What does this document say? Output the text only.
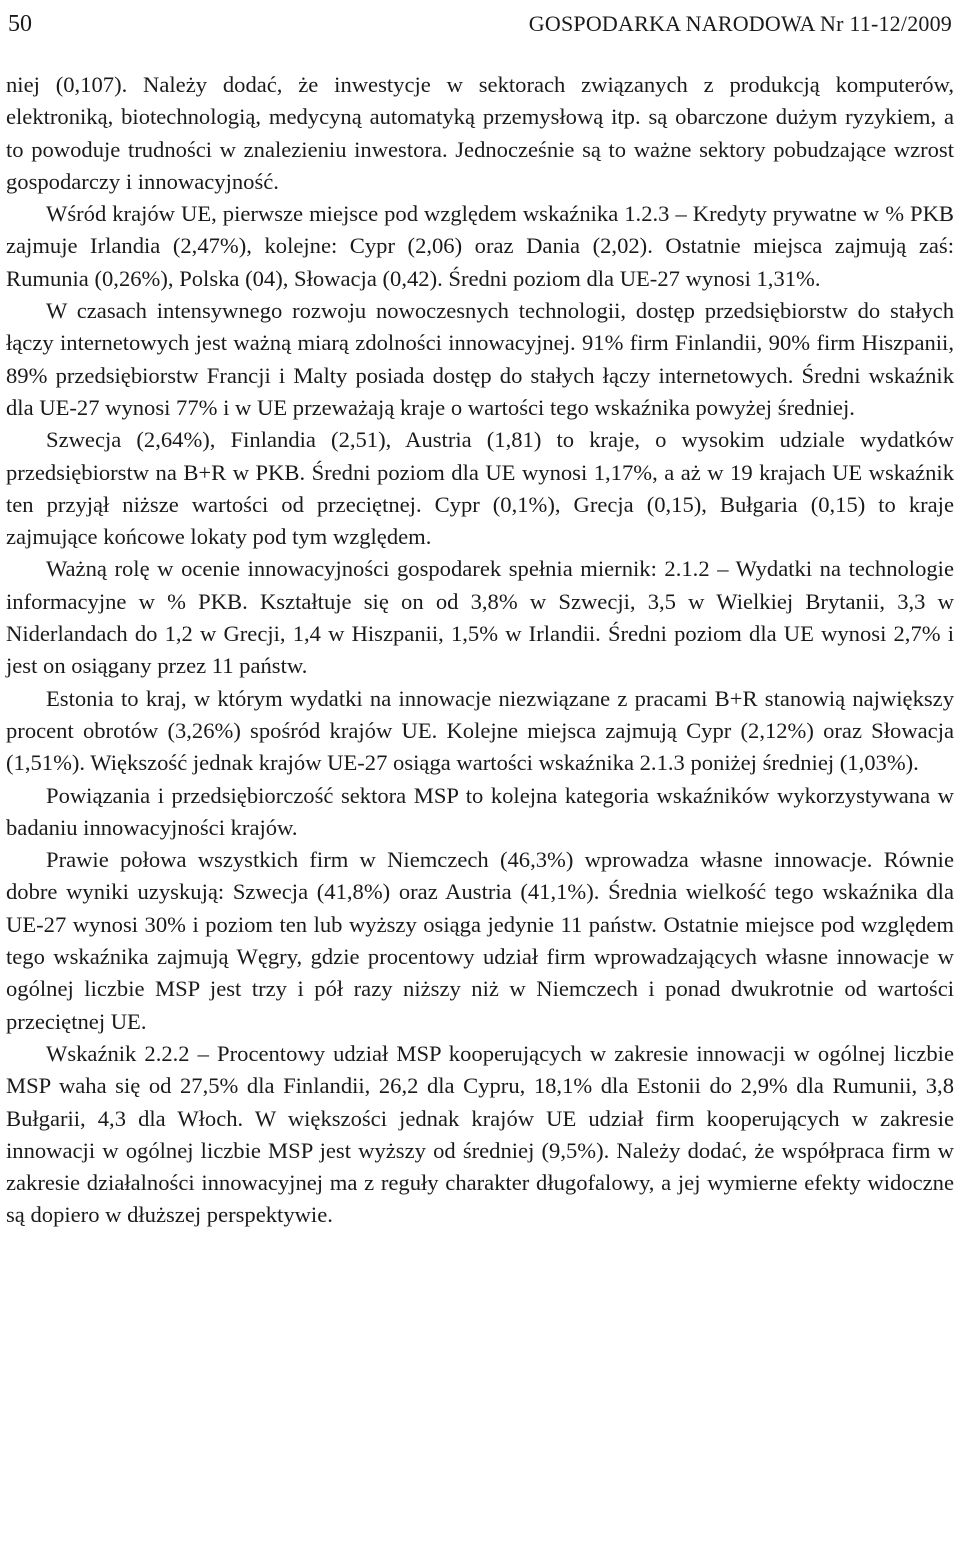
50	GOSPODARKA NARODOWA Nr 11-12/2009

niej (0,107). Należy dodać, że inwestycje w sektorach związanych z produkcją komputerów, elektroniką, biotechnologią, medycyną automatyką przemysłową itp. są obarczone dużym ryzykiem, a to powoduje trudności w znalezieniu inwestora. Jednocześnie są to ważne sektory pobudzające wzrost gospodarczy i innowacyjność.

Wśród krajów UE, pierwsze miejsce pod względem wskaźnika 1.2.3 – Kredyty prywatne w % PKB zajmuje Irlandia (2,47%), kolejne: Cypr (2,06) oraz Dania (2,02). Ostatnie miejsca zajmują zaś: Rumunia (0,26%), Polska (04), Słowacja (0,42). Średni poziom dla UE-27 wynosi 1,31%.

W czasach intensywnego rozwoju nowoczesnych technologii, dostęp przedsiębiorstw do stałych łączy internetowych jest ważną miarą zdolności innowacyjnej. 91% firm Finlandii, 90% firm Hiszpanii, 89% przedsiębiorstw Francji i Malty posiada dostęp do stałych łączy internetowych. Średni wskaźnik dla UE-27 wynosi 77% i w UE przeważają kraje o wartości tego wskaźnika powyżej średniej.

Szwecja (2,64%), Finlandia (2,51), Austria (1,81) to kraje, o wysokim udziale wydatków przedsiębiorstw na B+R w PKB. Średni poziom dla UE wynosi 1,17%, a aż w 19 krajach UE wskaźnik ten przyjął niższe wartości od przeciętnej. Cypr (0,1%), Grecja (0,15), Bułgaria (0,15) to kraje zajmujące końcowe lokaty pod tym względem.

Ważną rolę w ocenie innowacyjności gospodarek spełnia miernik: 2.1.2 – Wydatki na technologie informacyjne w % PKB. Kształtuje się on od 3,8% w Szwecji, 3,5 w Wielkiej Brytanii, 3,3 w Niderlandach do 1,2 w Grecji, 1,4 w Hiszpanii, 1,5% w Irlandii. Średni poziom dla UE wynosi 2,7% i jest on osiągany przez 11 państw.

Estonia to kraj, w którym wydatki na innowacje niezwiązane z pracami B+R stanowią największy procent obrotów (3,26%) spośród krajów UE. Kolejne miejsca zajmują Cypr (2,12%) oraz Słowacja (1,51%). Większość jednak krajów UE-27 osiąga wartości wskaźnika 2.1.3 poniżej średniej (1,03%).

Powiązania i przedsiębiorczość sektora MSP to kolejna kategoria wskaźników wykorzystywana w badaniu innowacyjności krajów.

Prawie połowa wszystkich firm w Niemczech (46,3%) wprowadza własne innowacje. Równie dobre wyniki uzyskują: Szwecja (41,8%) oraz Austria (41,1%). Średnia wielkość tego wskaźnika dla UE-27 wynosi 30% i poziom ten lub wyższy osiąga jedynie 11 państw. Ostatnie miejsce pod względem tego wskaźnika zajmują Węgry, gdzie procentowy udział firm wprowadzających własne innowacje w ogólnej liczbie MSP jest trzy i pół razy niższy niż w Niemczech i ponad dwukrotnie od wartości przeciętnej UE.

Wskaźnik 2.2.2 – Procentowy udział MSP kooperujących w zakresie innowacji w ogólnej liczbie MSP waha się od 27,5% dla Finlandii, 26,2 dla Cypru, 18,1% dla Estonii do 2,9% dla Rumunii, 3,8 Bułgarii, 4,3 dla Włoch. W większości jednak krajów UE udział firm kooperujących w zakresie innowacji w ogólnej liczbie MSP jest wyższy od średniej (9,5%). Należy dodać, że współpraca firm w zakresie działalności innowacyjnej ma z reguły charakter długofalowy, a jej wymierne efekty widoczne są dopiero w dłuższej perspektywie.
